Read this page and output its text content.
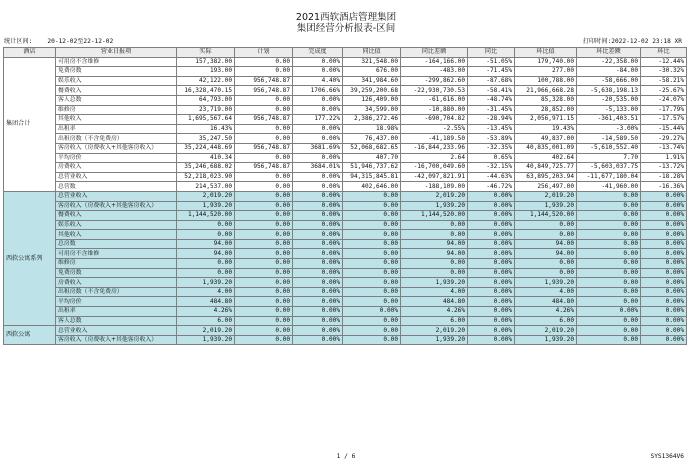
2021西软酒店管理集团
集团经营分析报表-区间
统计区间: 20-12-02至22-12-02	打印时间:2022-12-02 23:18 XR
酒店	营业日报项	实际	计划	完成度	同比值	同比差额	同比	环比值	环比差额	环比
集团合计	可用房不含维修	157,382.00	0.00	0.00%	321,548.00	-164,166.00	-51.05%	179,740.00	-22,358.00	-12.44%
	免费房数	193.00	0.00	0.00%	676.00	-483.00	-71.45%	277.00	-84.00	-30.32%
	娱乐收入	42,122.00	956,748.87	4.40%	341,984.60	-299,862.60	-87.68%	100,788.00	-58,666.00	-58.21%
	餐费收入	16,328,470.15	956,748.87	1706.66%	39,259,200.68	-22,930,730.53	-58.41%	21,966,668.28	-5,638,198.13	-25.67%
	客人总数	64,793.00	0.00	0.00%	126,409.00	-61,616.00	-48.74%	85,328.00	-20,535.00	-24.07%
	维修房	23,719.00	0.00	0.00%	34,599.00	-10,880.00	-31.45%	28,852.00	-5,133.00	-17.79%
	其他收入	1,695,567.64	956,748.87	177.22%	2,386,272.46	-690,704.82	-28.94%	2,056,971.15	-361,403.51	-17.57%
	出租率	16.43%	0.00	0.00%	18.98%	-2.55%	-13.45%	19.43%	-3.00%	-15.44%
	出租房数（不含免费房）	35,247.50	0.00	0.00%	76,437.00	-41,189.50	-53.89%	49,837.00	-14,589.50	-29.27%
	客房收入（房费收入+其他客房收入）	35,224,448.69	956,748.87	3681.69%	52,068,682.65	-16,844,233.96	-32.35%	40,835,001.09	-5,610,552.40	-13.74%
	平均房价	410.34	0.00	0.00%	407.70	2.64	0.65%	402.64	7.70	1.91%
	房费收入	35,246,688.02	956,748.87	3684.01%	51,946,737.62	-16,700,049.60	-32.15%	40,849,725.77	-5,603,037.75	-13.72%
	总营业收入	52,218,023.90	0.00	0.00%	94,315,845.81	-42,097,821.91	-44.63%	63,895,203.94	-11,677,180.04	-18.28%
	总营数	214,537.00	0.00	0.00%	402,646.00	-188,109.00	-46.72%	256,497.00	-41,960.00	-16.36%
西软公寓系列	总营业收入	2,019.20	0.00	0.00%	0.00	2,019.20	0.00%	2,019.20	0.00	0.00%
	客房收入（房费收入+其他客房收入）	1,939.20	0.00	0.00%	0.00	1,939.20	0.00%	1,939.20	0.00	0.00%
	餐费收入	1,144,520.00	0.00	0.00%	0.00	1,144,520.00	0.00%	1,144,520.00	0.00	0.00%
	娱乐收入	0.00	0.00	0.00%	0.00	0.00	0.00%	0.00	0.00	0.00%
	其他收入	0.00	0.00	0.00%	0.00	0.00	0.00%	0.00	0.00	0.00%
	总房数	94.00	0.00	0.00%	0.00	94.00	0.00%	94.00	0.00	0.00%
	可用房不含维修	94.00	0.00	0.00%	0.00	94.00	0.00%	94.00	0.00	0.00%
	维修房	0.00	0.00	0.00%	0.00	0.00	0.00%	0.00	0.00	0.00%
	免费房数	0.00	0.00	0.00%	0.00	0.00	0.00%	0.00	0.00	0.00%
	房费收入	1,939.20	0.00	0.00%	0.00	1,939.20	0.00%	1,939.20	0.00	0.00%
	出租房数（不含免费房）	4.00	0.00	0.00%	0.00	4.00	0.00%	4.00	0.00	0.00%
	平均房价	484.80	0.00	0.00%	0.00	484.80	0.00%	484.80	0.00	0.00%
	出租率	4.26%	0.00	0.00%	0.00%	4.26%	0.00%	4.26%	0.00%	0.00%
	客人总数	6.00	0.00	0.00%	0.00	6.00	0.00%	6.00	0.00	0.00%
西软公寓	总营业收入	2,019.20	0.00	0.00%	0.00	2,019.20	0.00%	2,019.20	0.00	0.00%
	客房收入（房费收入+其他客房收入）	1,939.20	0.00	0.00%	0.00	1,939.20	0.00%	1,939.20	0.00	0.00%
1 / 6	SYS1364V6
